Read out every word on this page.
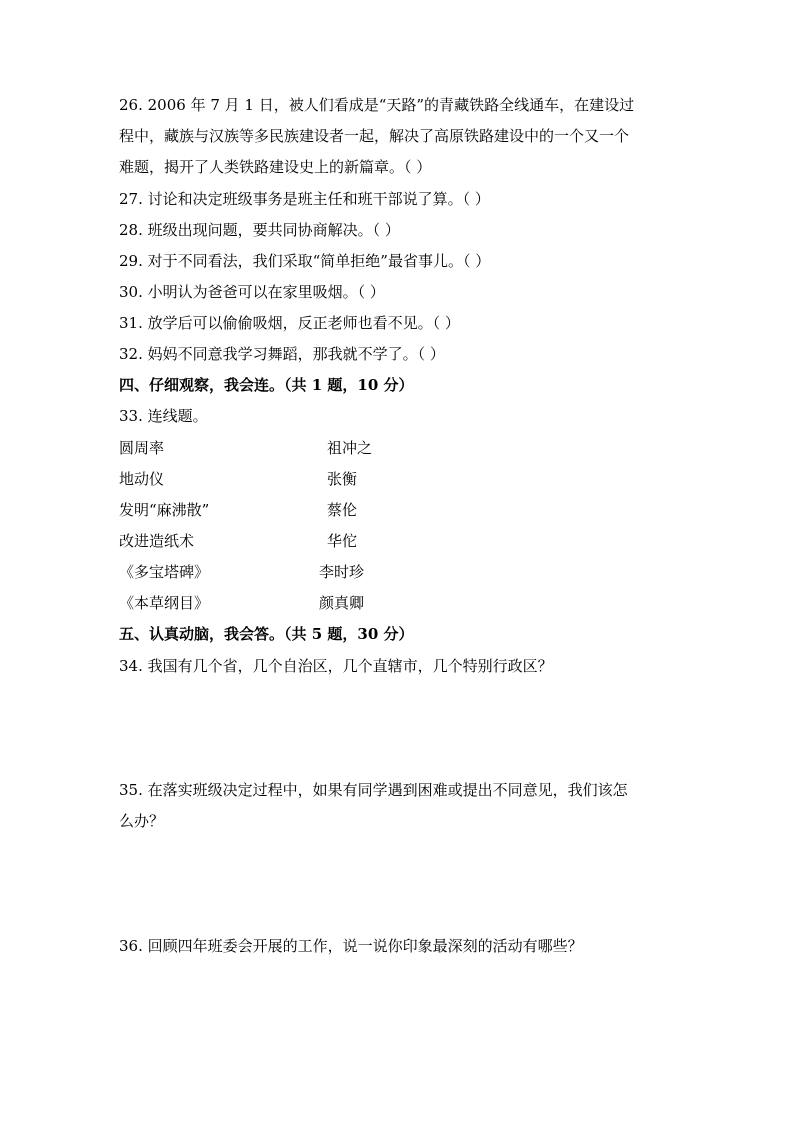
26. 2006 年 7 月 1 日，被人们看成是“天路”的青藏铁路全线通车，在建设过
程中，藏族与汉族等多民族建设者一起，解决了高原铁路建设中的一个又一个
难题，揭开了人类铁路建设史上的新篇章。（ ）
27. 讨论和决定班级事务是班主任和班干部说了算。（ ）
28. 班级出现问题，要共同协商解决。（ ）
29. 对于不同看法，我们采取“简单拒绝”最省事儿。（ ）
30. 小明认为爸爸可以在家里吸烟。（ ）
31. 放学后可以偷偷吸烟，反正老师也看不见。（ ）
32. 妈妈不同意我学习舞蹈，那我就不学了。（ ）
四、仔细观察，我会连。（共 1 题，10 分）
33. 连线题。
圆周率	祖冲之
地动仪	张衡
发明“麻沸散”	蔡伦
改进造纸术	华佗
《多宝塔碑》	李时珍
《本草纲目》	颜真卿
五、认真动脑，我会答。（共 5 题，30 分）
34. 我国有几个省，几个自治区，几个直辖市，几个特别行政区？
35. 在落实班级决定过程中，如果有同学遇到困难或提出不同意见，我们该怎
么办？
36. 回顾四年班委会开展的工作，说一说你印象最深刻的活动有哪些？
